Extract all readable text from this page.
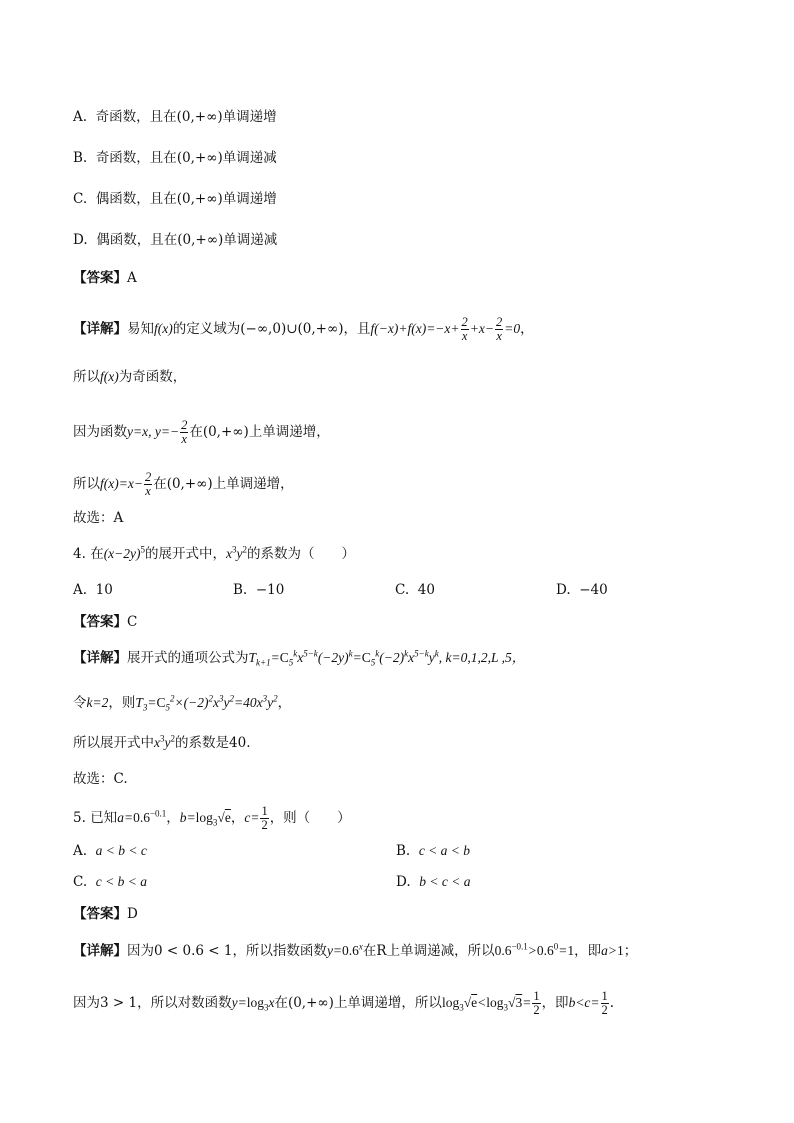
A. 奇函数，且在(0,+∞)单调递增
B. 奇函数，且在(0,+∞)单调递减
C. 偶函数，且在(0,+∞)单调递增
D. 偶函数，且在(0,+∞)单调递减
【答案】A
【详解】易知f(x)的定义域为(−∞,0)∪(0,+∞)，且$f(-x)+f(x)=-x+ \frac{2}{x} +x- \frac{2}{x} =0$，
所以f(x)为奇函数，
因为函数y=x, $y=- \frac{2}{x}$ 在(0,+∞)上单调递增，
所以$f(x)=x- \frac{2}{x}$ 在(0,+∞)上单调递增，
故选：A
4. 在$(x-2y)^5$的展开式中，$x^3y^2$的系数为（　　）
A. 10	B. −10	C. 40	D. −40
【答案】C
【详解】展开式的通项公式为$T_{k+1}=C_5^kx^{5-k}(-2y)^k=C_5^k(-2)^kx^{5-k}y^k$, k=0,1,2,L ,5，
令k=2，则$T_3=C_5^2\times(-2)^2x^3y^2=40x^3y^2$，
所以展开式中$x^3y^2$的系数是40.
故选：C.
5. 已知$a=0.6^{-0.1}$，$b=\log_3√e$，$c= \frac{1}{2}$ ，则（　　）
A. a < b < c	B. c < a < b
C. c < b < a	D. b < c < a
【答案】D
【详解】因为0 < 0.6 < 1，所以指数函数$y=0.6^x$在R上单调递减，所以$0.6^{-0.1}>0.6^0=1$，即a>1；
因为3 > 1，所以对数函数$y=\log_3x$在(0,+∞)上单调递增，所以$\log_3√e<\log_3√3= \frac{1}{2}$ ，即$b<c= \frac{1}{2}$ .
